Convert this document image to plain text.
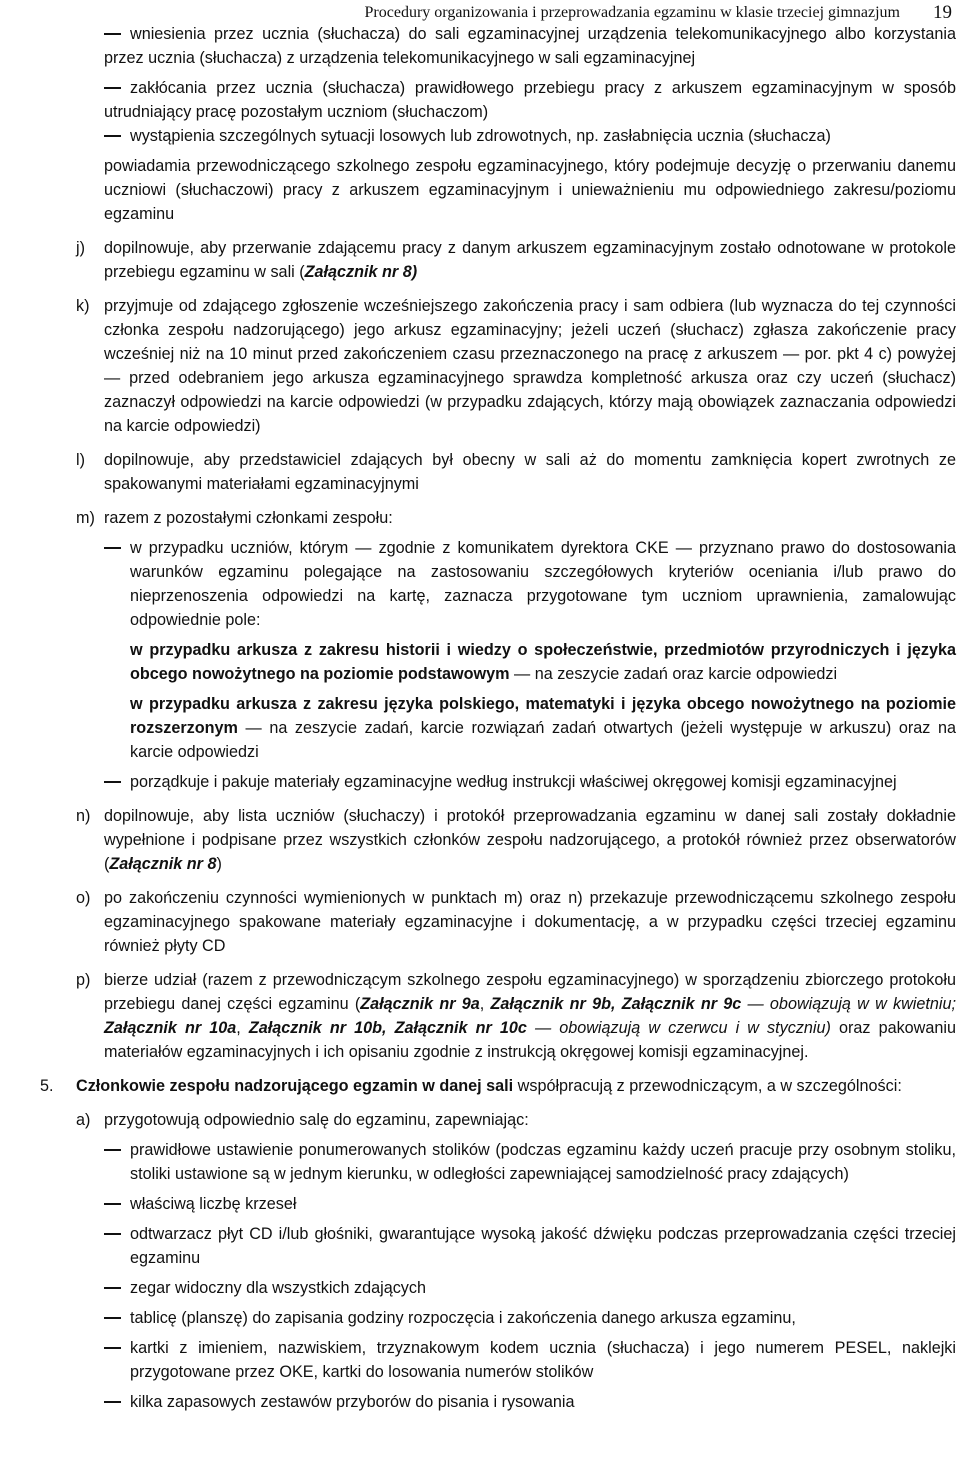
Procedury organizowania i przeprowadzania egzaminu w klasie trzeciej gimnazjum 19
wniesienia przez ucznia (słuchacza) do sali egzaminacyjnej urządzenia telekomunikacyjnego albo korzystania przez ucznia (słuchacza) z urządzenia telekomunikacyjnego w sali egzaminacyjnej
zakłócania przez ucznia (słuchacza) prawidłowego przebiegu pracy z arkuszem egzaminacyjnym w sposób utrudniający pracę pozostałym uczniom (słuchaczom)
wystąpienia szczególnych sytuacji losowych lub zdrowotnych, np. zasłabnięcia ucznia (słuchacza)
powiadamia przewodniczącego szkolnego zespołu egzaminacyjnego, który podejmuje decyzję o przerwaniu danemu uczniowi (słuchaczowi) pracy z arkuszem egzaminacyjnym i unieważnieniu mu odpowiedniego zakresu/poziomu egzaminu
j) dopilnowuje, aby przerwanie zdającemu pracy z danym arkuszem egzaminacyjnym zostało odnotowane w protokole przebiegu egzaminu w sali (Załącznik nr 8)
k) przyjmuje od zdającego zgłoszenie wcześniejszego zakończenia pracy i sam odbiera (lub wyznacza do tej czynności członka zespołu nadzorującego) jego arkusz egzaminacyjny; jeżeli uczeń (słuchacz) zgłasza zakończenie pracy wcześniej niż na 10 minut przed zakończeniem czasu przeznaczonego na pracę z arkuszem — por. pkt 4 c) powyżej — przed odebraniem jego arkusza egzaminacyjnego sprawdza kompletność arkusza oraz czy uczeń (słuchacz) zaznaczył odpowiedzi na karcie odpowiedzi (w przypadku zdających, którzy mają obowiązek zaznaczania odpowiedzi na karcie odpowiedzi)
l) dopilnowuje, aby przedstawiciel zdających był obecny w sali aż do momentu zamknięcia kopert zwrotnych ze spakowanymi materiałami egzaminacyjnymi
m) razem z pozostałymi członkami zespołu:
w przypadku uczniów, którym — zgodnie z komunikatem dyrektora CKE — przyznano prawo do dostosowania warunków egzaminu polegające na zastosowaniu szczegółowych kryteriów oceniania i/lub prawo do nieprzenoszenia odpowiedzi na kartę, zaznacza przygotowane tym uczniom uprawnienia, zamalowując odpowiednie pole:
w przypadku arkusza z zakresu historii i wiedzy o społeczeństwie, przedmiotów przyrodniczych i języka obcego nowożytnego na poziomie podstawowym — na zeszycie zadań oraz karcie odpowiedzi
w przypadku arkusza z zakresu języka polskiego, matematyki i języka obcego nowożytnego na poziomie rozszerzonym — na zeszycie zadań, karcie rozwiązań zadań otwartych (jeżeli występuje w arkuszu) oraz na karcie odpowiedzi
porządkuje i pakuje materiały egzaminacyjne według instrukcji właściwej okręgowej komisji egzaminacyjnej
n) dopilnowuje, aby lista uczniów (słuchaczy) i protokół przeprowadzania egzaminu w danej sali zostały dokładnie wypełnione i podpisane przez wszystkich członków zespołu nadzorującego, a protokół również przez obserwatorów (Załącznik nr 8)
o) po zakończeniu czynności wymienionych w punktach m) oraz n) przekazuje przewodniczącemu szkolnego zespołu egzaminacyjnego spakowane materiały egzaminacyjne i dokumentację, a w przypadku części trzeciej egzaminu również płyty CD
p) bierze udział (razem z przewodniczącym szkolnego zespołu egzaminacyjnego) w sporządzeniu zbiorczego protokołu przebiegu danej części egzaminu (Załącznik nr 9a, Załącznik nr 9b, Załącznik nr 9c — obowiązują w w kwietniu; Załącznik nr 10a, Załącznik nr 10b, Załącznik nr 10c — obowiązują w czerwcu i w styczniu) oraz pakowaniu materiałów egzaminacyjnych i ich opisaniu zgodnie z instrukcją okręgowej komisji egzaminacyjnej.
5. Członkowie zespołu nadzorującego egzamin w danej sali współpracują z przewodniczącym, a w szczególności:
a) przygotowują odpowiednio salę do egzaminu, zapewniając:
prawidłowe ustawienie ponumerowanych stolików (podczas egzaminu każdy uczeń pracuje przy osobnym stoliku, stoliki ustawione są w jednym kierunku, w odległości zapewniającej samodzielność pracy zdających)
właściwą liczbę krzeseł
odtwarzacz płyt CD i/lub głośniki, gwarantujące wysoką jakość dźwięku podczas przeprowadzania części trzeciej egzaminu
zegar widoczny dla wszystkich zdających
tablicę (planszę) do zapisania godziny rozpoczęcia i zakończenia danego arkusza egzaminu,
kartki z imieniem, nazwiskiem, trzyznakowym kodem ucznia (słuchacza) i jego numerem PESEL, naklejki przygotowane przez OKE, kartki do losowania numerów stolików
kilka zapasowych zestawów przyborów do pisania i rysowania
